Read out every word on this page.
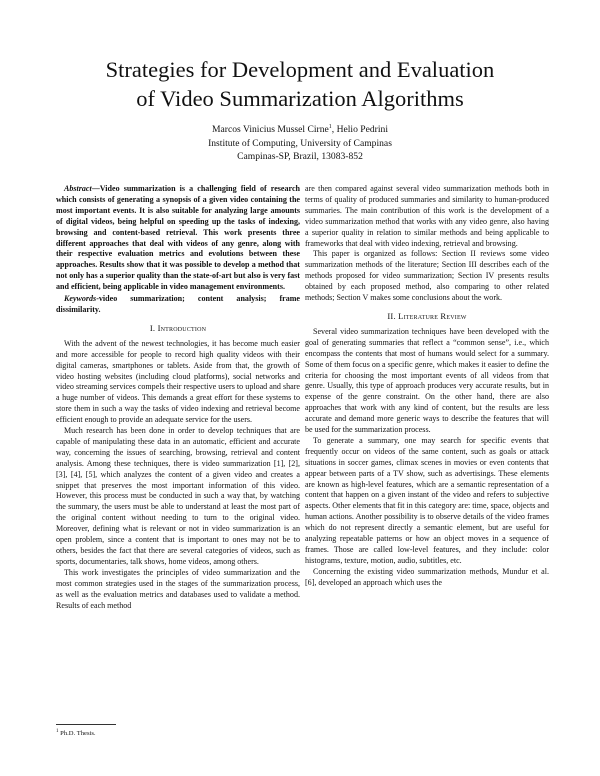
Strategies for Development and Evaluation
of Video Summarization Algorithms
Marcos Vinicius Mussel Cirne$^1$, Helio Pedrini
Institute of Computing, University of Campinas
Campinas-SP, Brazil, 13083-852

Abstract—Video summarization is a challenging field of research which consists of generating a synopsis of a given video containing the most important events. It is also suitable for analyzing large amounts of digital videos, being helpful on speeding up the tasks of indexing, browsing and content-based retrieval. This work presents three different approaches that deal with videos of any genre, along with their respective evaluation metrics and evolutions between these approaches. Results show that it was possible to develop a method that not only has a superior quality than the state-of-art but also is very fast and efficient, being applicable in video management environments.

Keywords-video summarization; content analysis; frame dissimilarity.

I. Introduction

With the advent of the newest technologies, it has become much easier and more accessible for people to record high quality videos with their digital cameras, smartphones or tablets. Aside from that, the growth of video hosting websites (including cloud platforms), social networks and video streaming services compels their respective users to upload and share a huge number of videos. This demands a great effort for these systems to store them in such a way the tasks of video indexing and retrieval become efficient enough to provide an adequate service for the users.

Much research has been done in order to develop techniques that are capable of manipulating these data in an automatic, efficient and accurate way, concerning the issues of searching, browsing, retrieval and content analysis. Among these techniques, there is video summarization [1], [2], [3], [4], [5], which analyzes the content of a given video and creates a snippet that preserves the most important information of this video. However, this process must be conducted in such a way that, by watching the summary, the users must be able to understand at least the most part of the original content without needing to turn to the original video. Moreover, defining what is relevant or not in video summarization is an open problem, since a content that is important to ones may not be to others, besides the fact that there are several categories of videos, such as sports, documentaries, talk shows, home videos, among others.

This work investigates the principles of video summarization and the most common strategies used in the stages of the summarization process, as well as the evaluation metrics and databases used to validate a method. Results of each method

$^1$ Ph.D. Thesis.

are then compared against several video summarization methods both in terms of quality of produced summaries and similarity to human-produced summaries. The main contribution of this work is the development of a video summarization method that works with any video genre, also having a superior quality in relation to similar methods and being applicable to frameworks that deal with video indexing, retrieval and browsing.

This paper is organized as follows: Section II reviews some video summarization methods of the literature; Section III describes each of the methods proposed for video summarization; Section IV presents results obtained by each proposed method, also comparing to other related methods; Section V makes some conclusions about the work.

II. Literature Review

Several video summarization techniques have been developed with the goal of generating summaries that reflect a “common sense”, i.e., which encompass the contents that most of humans would select for a summary. Some of them focus on a specific genre, which makes it easier to define the criteria for choosing the most important events of all videos from that genre. Usually, this type of approach produces very accurate results, but in expense of the genre constraint. On the other hand, there are also approaches that work with any kind of content, but the results are less accurate and demand more generic ways to describe the features that will be used for the summarization process.

To generate a summary, one may search for specific events that frequently occur on videos of the same content, such as goals or attack situations in soccer games, climax scenes in movies or even contents that appear between parts of a TV show, such as advertisings. These elements are known as high-level features, which are a semantic representation of a content that happen on a given instant of the video and refers to subjective aspects. Other elements that fit in this category are: time, space, objects and human actions. Another possibility is to observe details of the video frames which do not represent directly a semantic element, but are useful for analyzing repeatable patterns or how an object moves in a sequence of frames. Those are called low-level features, and they include: color histograms, texture, motion, audio, subtitles, etc.

Concerning the existing video summarization methods, Mundur et al. [6], developed an approach which uses the
